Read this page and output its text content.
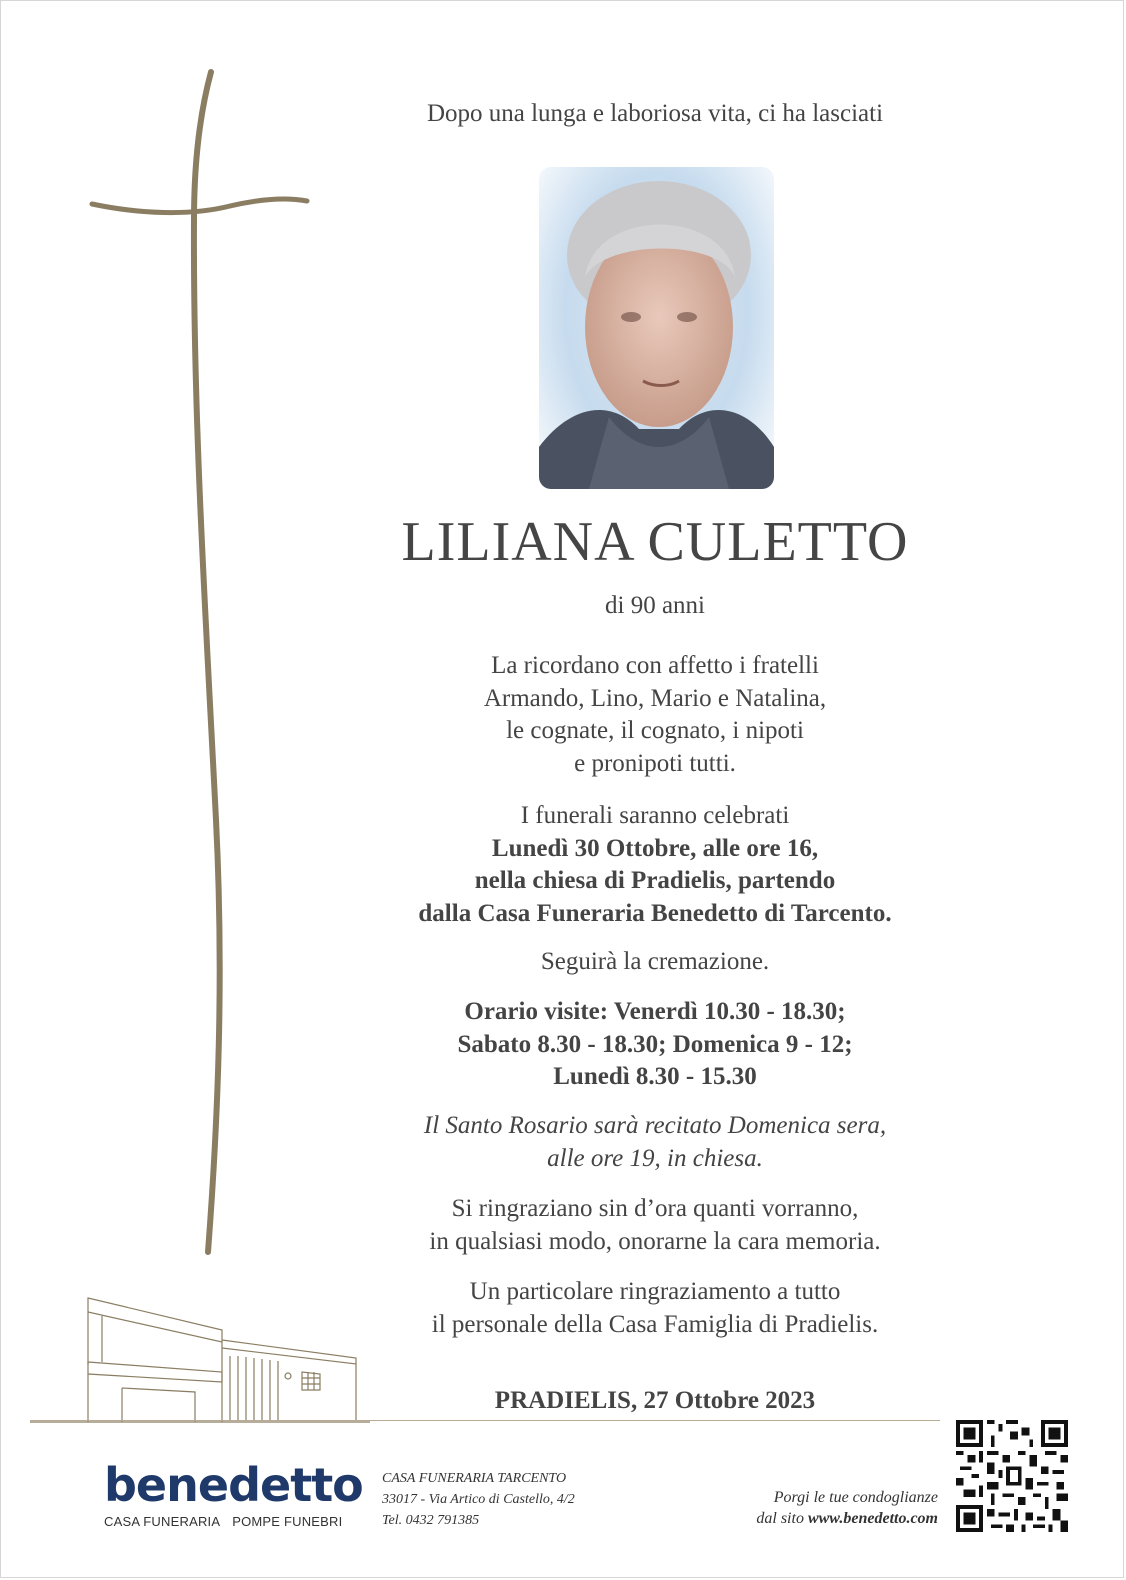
Dopo una lunga e laboriosa vita, ci ha lasciati
LILIANA CULETTO
di 90 anni
La ricordano con affetto i fratelli
Armando, Lino, Mario e Natalina,
le cognate, il cognato, i nipoti
e pronipoti tutti.
I funerali saranno celebrati
Lunedì 30 Ottobre, alle ore 16,
nella chiesa di Pradielis, partendo
dalla Casa Funeraria Benedetto di Tarcento.
Seguirà la cremazione.
Orario visite: Venerdì 10.30 - 18.30;
Sabato 8.30 - 18.30; Domenica 9 - 12;
Lunedì 8.30 - 15.30
Il Santo Rosario sarà recitato Domenica sera,
alle ore 19, in chiesa.
Si ringraziano sin d’ora quanti vorranno,
in qualsiasi modo, onorarne la cara memoria.
Un particolare ringraziamento a tutto
il personale della Casa Famiglia di Pradielis.
PRADIELIS, 27 Ottobre 2023
benedetto
CASA FUNERARIA POMPE FUNEBRI
CASA FUNERARIA TARCENTO
33017 - Via Artico di Castello, 4/2
Tel. 0432 791385
Porgi le tue condoglianze
dal sito www.benedetto.com
